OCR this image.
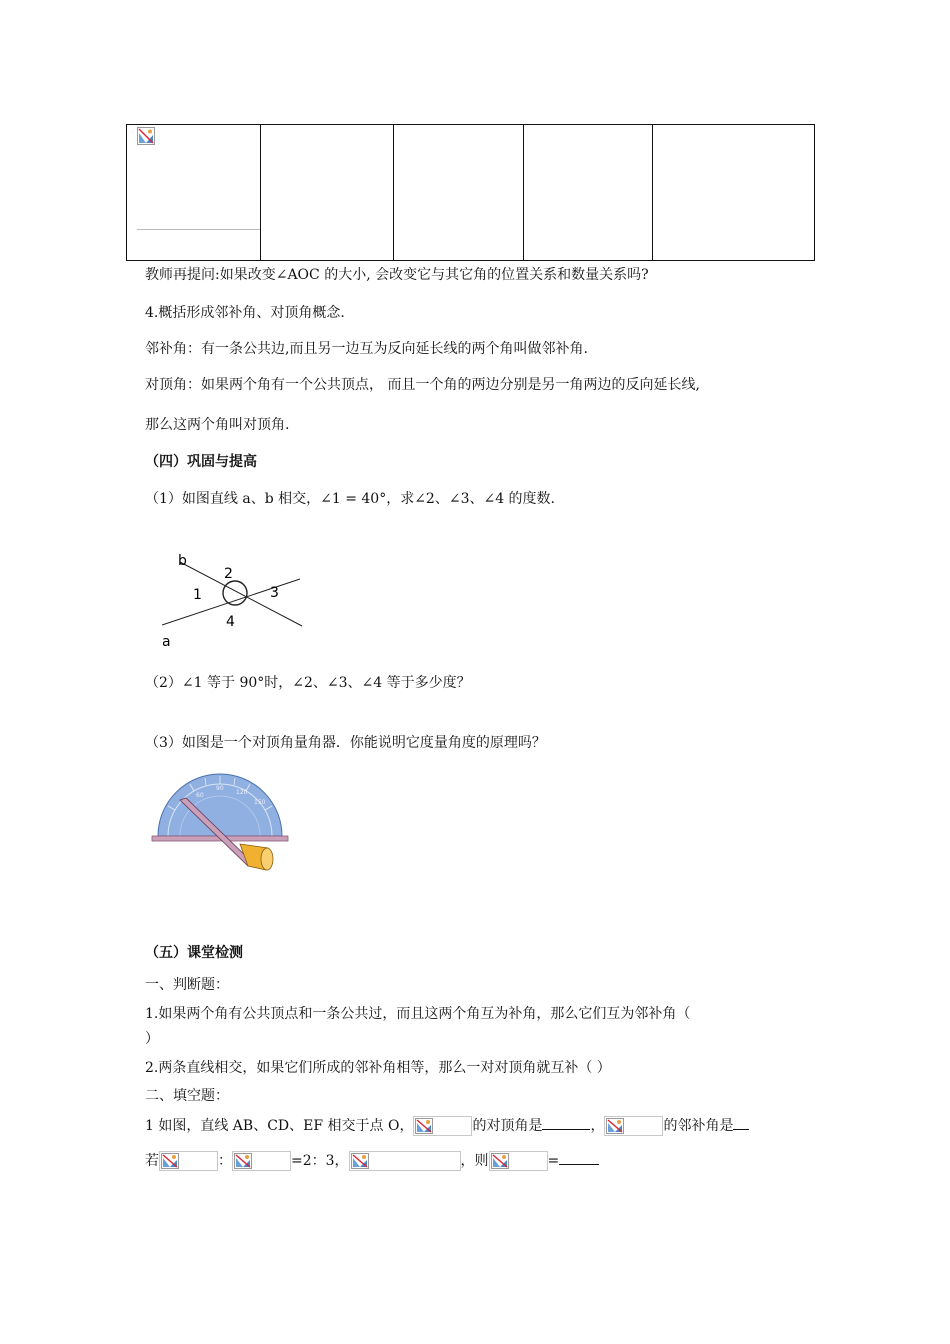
教师再提问:如果改变∠AOC 的大小, 会改变它与其它角的位置关系和数量关系吗?
4.概括形成邻补角、对顶角概念.
邻补角：有一条公共边,而且另一边互为反向延长线的两个角叫做邻补角.
对顶角：如果两个角有一个公共顶点， 而且一个角的两边分别是另一角两边的反向延长线,
那么这两个角叫对顶角.
（四）巩固与提高
（1）如图直线 a、b 相交，∠1 = 40°，求∠2、∠3、∠4 的度数.
b
2
1	3
4
a
（2）∠1 等于 90°时，∠2、∠3、∠4 等于多少度？
（3）如图是一个对顶角量角器．你能说明它度量角度的原理吗？
60
90
120
150
（五）课堂检测
一、判断题：
1.如果两个角有公共顶点和一条公共过，而且这两个角互为补角，那么它们互为邻补角（
）
2.两条直线相交，如果它们所成的邻补角相等，那么一对对顶角就互补（ ）
二、填空题：
1 如图，直线 AB、CD、EF 相交于点 O，	的对顶角是	，	的邻补角是
若	：	=2：3，	，则	=
